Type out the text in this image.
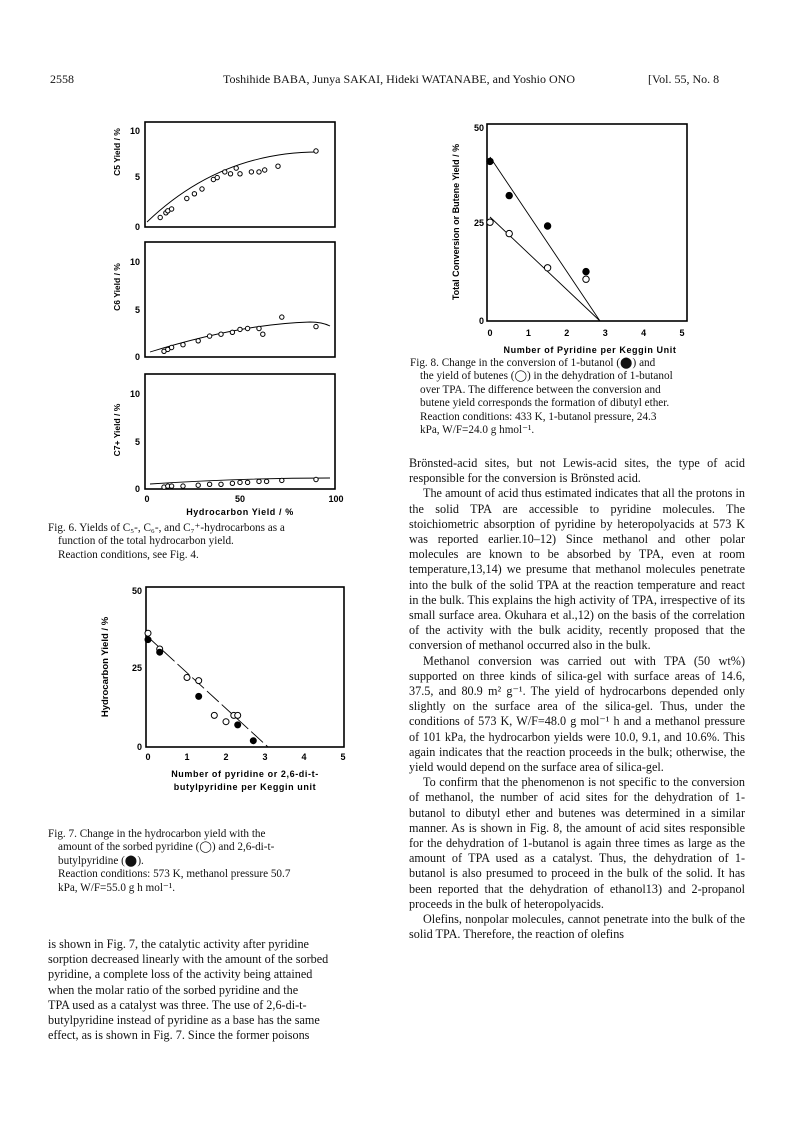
2558	Toshihide BABA, Junya SAKAI, Hideki WATANABE, and Yoshio ONO	[Vol. 55, No. 8
C5 Yield / %
0
5
10
C6 Yield / %
0
5
10
C7+ Yield / %
0
5
10
0	50	100
Hydrocarbon Yield / %

Fig. 6. Yields of C₅-, C₆-, and C₇⁺-hydrocarbons as a

function of the total hydrocarbon yield.

Reaction conditions, see Fig. 4.

50
25
0
Hydrocarbon Yield / %
0	1	2	3	4	5
Number of pyridine or 2,6-di-t-
butylpyridine per Keggin unit

Fig. 7. Change in the hydrocarbon yield with the

amount of the sorbed pyridine (◯) and 2,6-di-t-

butylpyridine (⬤).

Reaction conditions: 573 K, methanol pressure 50.7

kPa, W/F=55.0 g h mol⁻¹.

50
25
0
Total Conversion or Butene Yield / %
0	1	2	3	4	5
Number of Pyridine per Keggin Unit

Fig. 8. Change in the conversion of 1-butanol (⬤) and

the yield of butenes (◯) in the dehydration of 1-butanol

over TPA. The difference between the conversion and

butene yield corresponds the formation of dibutyl ether.

Reaction conditions: 433 K, 1-butanol pressure, 24.3

kPa, W/F=24.0 g hmol⁻¹.

is shown in Fig. 7, the catalytic activity after pyridine

sorption decreased linearly with the amount of the sorbed

pyridine, a complete loss of the activity being attained

when the molar ratio of the sorbed pyridine and the

TPA used as a catalyst was three. The use of 2,6-di-t-

butylpyridine instead of pyridine as a base has the same

effect, as is shown in Fig. 7. Since the former poisons

Brönsted-acid sites, but not Lewis-acid sites, the type of acid responsible for the conversion is Brönsted acid.

The amount of acid thus estimated indicates that all the protons in the solid TPA are accessible to pyridine molecules. The stoichiometric absorption of pyridine by heteropolyacids at 573 K was reported earlier.10–12) Since methanol and other polar molecules are known to be absorbed by TPA, even at room temperature,13,14) we presume that methanol molecules penetrate into the bulk of the solid TPA at the reaction temperature and react in the bulk. This explains the high activity of TPA, irrespective of its small surface area. Okuhara et al.,12) on the basis of the correlation of the activity with the bulk acidity, recently proposed that the conversion of methanol occurred also in the bulk.

Methanol conversion was carried out with TPA (50 wt%) supported on three kinds of silica-gel with surface areas of 14.6, 37.5, and 80.9 m² g⁻¹. The yield of hydrocarbons depended only slightly on the surface area of the silica-gel. Thus, under the conditions of 573 K, W/F=48.0 g mol⁻¹ h and a methanol pressure of 101 kPa, the hydrocarbon yields were 10.0, 9.1, and 10.6%. This again indicates that the reaction proceeds in the bulk; otherwise, the yield would depend on the surface area of silica-gel.

To confirm that the phenomenon is not specific to the conversion of methanol, the number of acid sites for the dehydration of 1-butanol to dibutyl ether and butenes was determined in a similar manner. As is shown in Fig. 8, the amount of acid sites responsible for the dehydration of 1-butanol is again three times as large as the amount of TPA used as a catalyst. Thus, the dehydration of 1-butanol is also presumed to proceed in the bulk of the solid. It has been reported that the dehydration of ethanol13) and 2-propanol proceeds in the bulk of heteropolyacids.

Olefins, nonpolar molecules, cannot penetrate into the bulk of the solid TPA. Therefore, the reaction of olefins
